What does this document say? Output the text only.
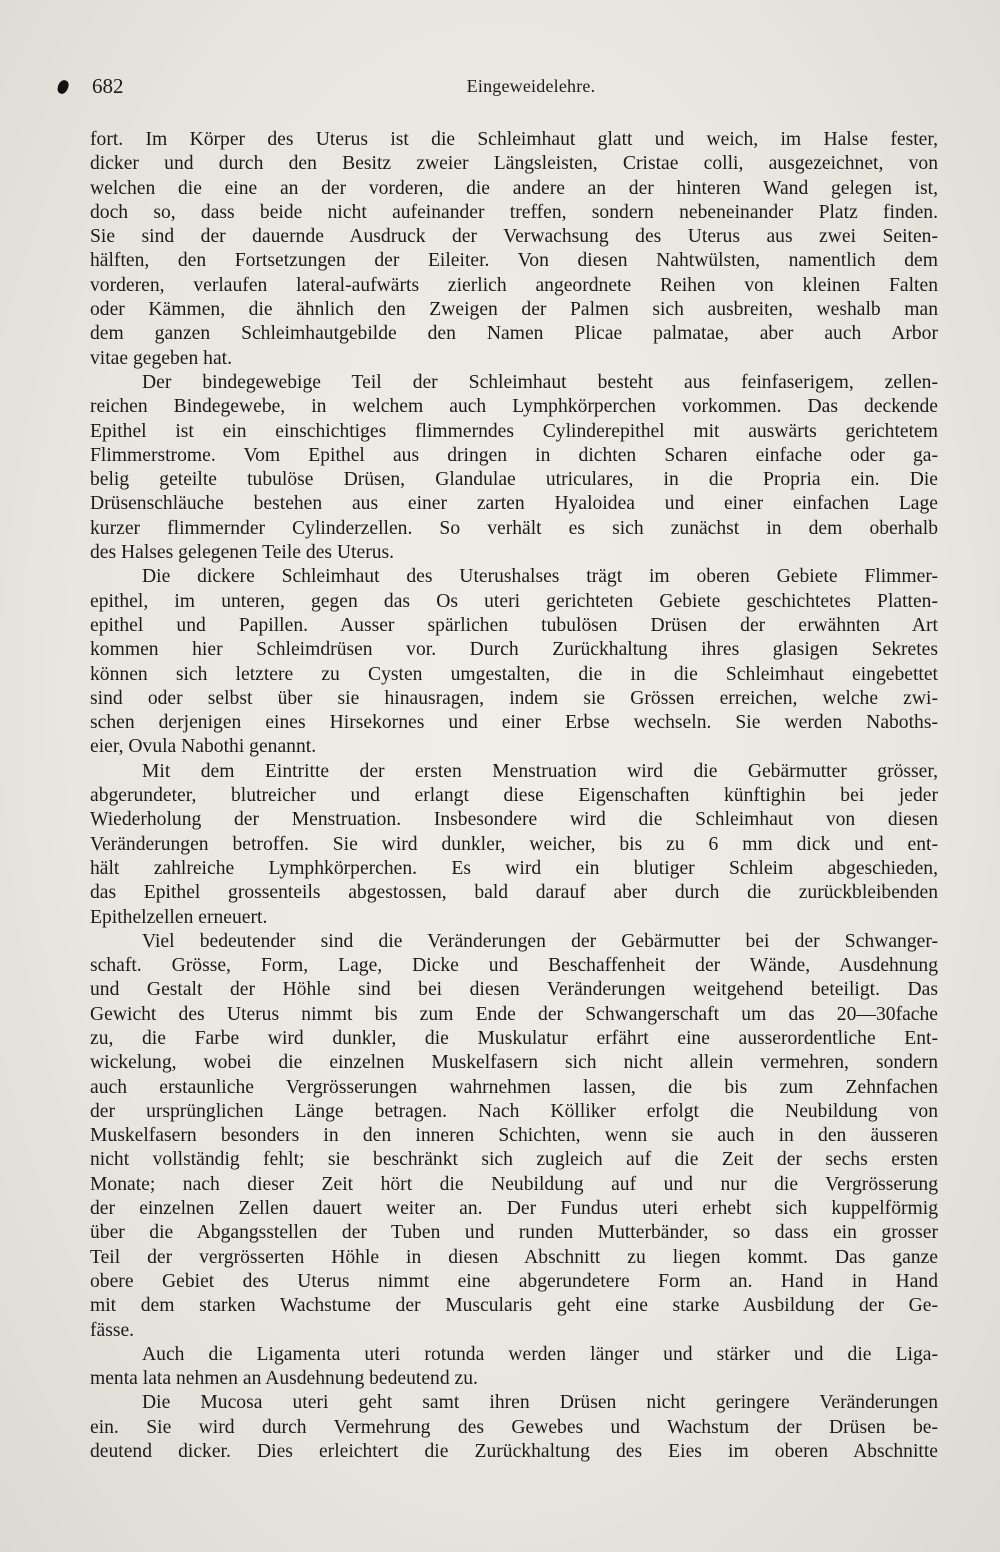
682	Eingeweidelehre.
fort. Im Körper des Uterus ist die Schleimhaut glatt und weich, im Halse fester,
dicker und durch den Besitz zweier Längsleisten, Cristae colli, ausgezeichnet, von
welchen die eine an der vorderen, die andere an der hinteren Wand gelegen ist,
doch so, dass beide nicht aufeinander treffen, sondern nebeneinander Platz finden.
Sie sind der dauernde Ausdruck der Verwachsung des Uterus aus zwei Seiten-
hälften, den Fortsetzungen der Eileiter. Von diesen Nahtwülsten, namentlich dem
vorderen, verlaufen lateral-aufwärts zierlich angeordnete Reihen von kleinen Falten
oder Kämmen, die ähnlich den Zweigen der Palmen sich ausbreiten, weshalb man
dem ganzen Schleimhautgebilde den Namen Plicae palmatae, aber auch Arbor
vitae gegeben hat.
Der bindegewebige Teil der Schleimhaut besteht aus feinfaserigem, zellen-
reichen Bindegewebe, in welchem auch Lymphkörperchen vorkommen. Das deckende
Epithel ist ein einschichtiges flimmerndes Cylinderepithel mit auswärts gerichtetem
Flimmerstrome. Vom Epithel aus dringen in dichten Scharen einfache oder ga-
belig geteilte tubulöse Drüsen, Glandulae utriculares, in die Propria ein. Die
Drüsenschläuche bestehen aus einer zarten Hyaloidea und einer einfachen Lage
kurzer flimmernder Cylinderzellen. So verhält es sich zunächst in dem oberhalb
des Halses gelegenen Teile des Uterus.
Die dickere Schleimhaut des Uterushalses trägt im oberen Gebiete Flimmer-
epithel, im unteren, gegen das Os uteri gerichteten Gebiete geschichtetes Platten-
epithel und Papillen. Ausser spärlichen tubulösen Drüsen der erwähnten Art
kommen hier Schleimdrüsen vor. Durch Zurückhaltung ihres glasigen Sekretes
können sich letztere zu Cysten umgestalten, die in die Schleimhaut eingebettet
sind oder selbst über sie hinausragen, indem sie Grössen erreichen, welche zwi-
schen derjenigen eines Hirsekornes und einer Erbse wechseln. Sie werden Naboths-
eier, Ovula Nabothi genannt.
Mit dem Eintritte der ersten Menstruation wird die Gebärmutter grösser,
abgerundeter, blutreicher und erlangt diese Eigenschaften künftighin bei jeder
Wiederholung der Menstruation. Insbesondere wird die Schleimhaut von diesen
Veränderungen betroffen. Sie wird dunkler, weicher, bis zu 6 mm dick und ent-
hält zahlreiche Lymphkörperchen. Es wird ein blutiger Schleim abgeschieden,
das Epithel grossenteils abgestossen, bald darauf aber durch die zurückbleibenden
Epithelzellen erneuert.
Viel bedeutender sind die Veränderungen der Gebärmutter bei der Schwanger-
schaft. Grösse, Form, Lage, Dicke und Beschaffenheit der Wände, Ausdehnung
und Gestalt der Höhle sind bei diesen Veränderungen weitgehend beteiligt. Das
Gewicht des Uterus nimmt bis zum Ende der Schwangerschaft um das 20—30fache
zu, die Farbe wird dunkler, die Muskulatur erfährt eine ausserordentliche Ent-
wickelung, wobei die einzelnen Muskelfasern sich nicht allein vermehren, sondern
auch erstaunliche Vergrösserungen wahrnehmen lassen, die bis zum Zehnfachen
der ursprünglichen Länge betragen. Nach Kölliker erfolgt die Neubildung von
Muskelfasern besonders in den inneren Schichten, wenn sie auch in den äusseren
nicht vollständig fehlt; sie beschränkt sich zugleich auf die Zeit der sechs ersten
Monate; nach dieser Zeit hört die Neubildung auf und nur die Vergrösserung
der einzelnen Zellen dauert weiter an. Der Fundus uteri erhebt sich kuppelförmig
über die Abgangsstellen der Tuben und runden Mutterbänder, so dass ein grosser
Teil der vergrösserten Höhle in diesen Abschnitt zu liegen kommt. Das ganze
obere Gebiet des Uterus nimmt eine abgerundetere Form an. Hand in Hand
mit dem starken Wachstume der Muscularis geht eine starke Ausbildung der Ge-
fässe.
Auch die Ligamenta uteri rotunda werden länger und stärker und die Liga-
menta lata nehmen an Ausdehnung bedeutend zu.
Die Mucosa uteri geht samt ihren Drüsen nicht geringere Veränderungen
ein. Sie wird durch Vermehrung des Gewebes und Wachstum der Drüsen be-
deutend dicker. Dies erleichtert die Zurückhaltung des Eies im oberen Abschnitte
